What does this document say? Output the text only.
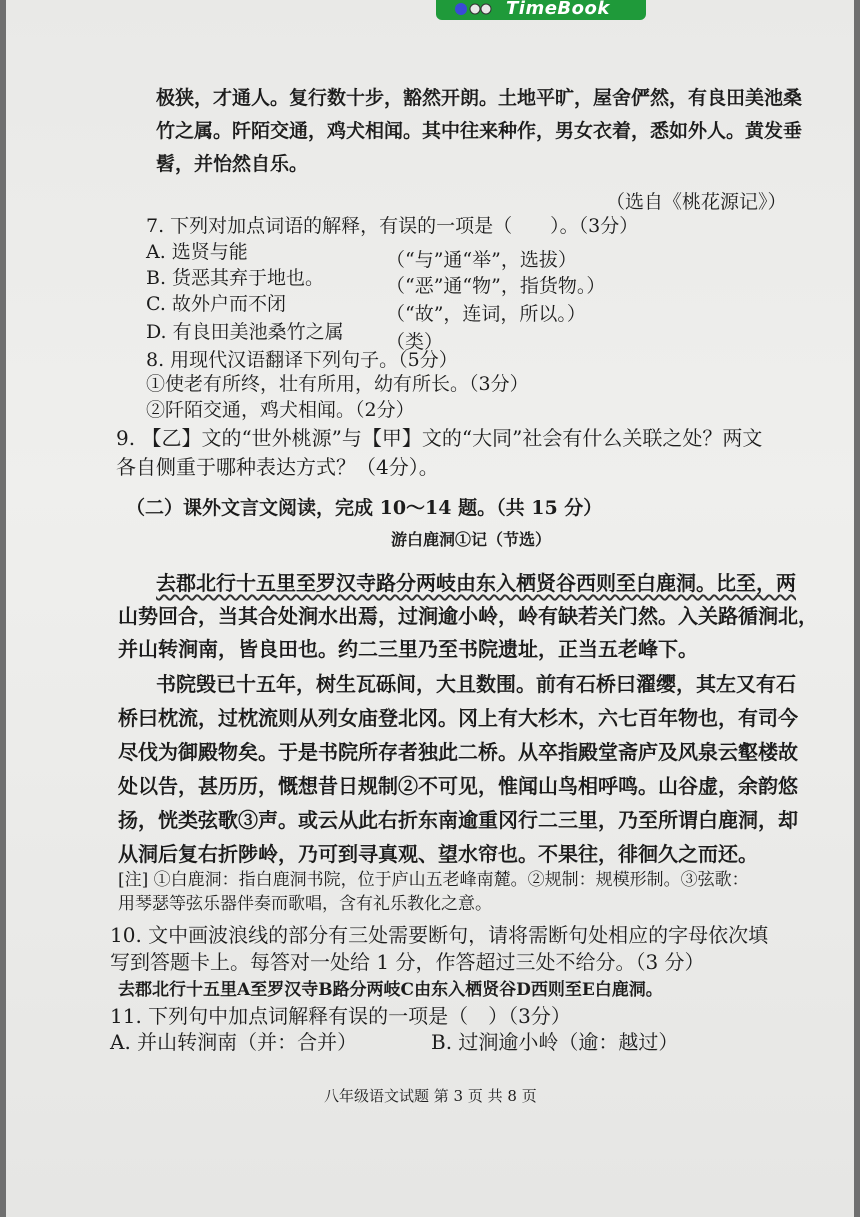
TimeBook
极狭，才通人。复行数十步，豁然开朗。土地平旷，屋舍俨然，有良田美池桑
竹之属。阡陌交通，鸡犬相闻。其中往来种作，男女衣着，悉如外人。黄发垂
髫，并怡然自乐。
（选自《桃花源记》）
7. 下列对加点词语的解释，有误的一项是（　　）。（3分）
A. 选贤与能	（“与”通“举”，选拔）
B. 货恶其弃于地也。	（“恶”通“物”，指货物。）
C. 故外户而不闭	（“故”，连词，所以。）
D. 有良田美池桑竹之属 （类）
8. 用现代汉语翻译下列句子。（5分）
①使老有所终，壮有所用，幼有所长。（3分）
②阡陌交通，鸡犬相闻。（2分）
9. 【乙】文的“世外桃源”与【甲】文的“大同”社会有什么关联之处？两文
各自侧重于哪种表达方式？（4分）。
（二）课外文言文阅读，完成 10～14 题。（共 15 分）
游白鹿洞①记（节选）
去郡北行十五里至罗汉寺路分两岐由东入栖贤谷西则至白鹿洞。比至，两
山势回合，当其合处涧水出焉，过涧逾小岭，岭有缺若关门然。入关路循涧北，
并山转涧南，皆良田也。约二三里乃至书院遗址，正当五老峰下。
书院毁已十五年，树生瓦砾间，大且数围。前有石桥曰濯缨，其左又有石
桥曰枕流，过枕流则从列女庙登北冈。冈上有大杉木，六七百年物也，有司今
尽伐为御殿物矣。于是书院所存者独此二桥。从卒指殿堂斋庐及风泉云壑楼故
处以告，甚历历，慨想昔日规制②不可见，惟闻山鸟相呼鸣。山谷虚，余韵悠
扬，恍类弦歌③声。或云从此右折东南逾重冈行二三里，乃至所谓白鹿洞，却
从洞后复右折陟岭，乃可到寻真观、望水帘也。不果往，徘徊久之而还。
[注] ①白鹿洞：指白鹿洞书院，位于庐山五老峰南麓。②规制：规模形制。③弦歌：
用琴瑟等弦乐器伴奏而歌唱，含有礼乐教化之意。
10. 文中画波浪线的部分有三处需要断句，请将需断句处相应的字母依次填
写到答题卡上。每答对一处给 1 分，作答超过三处不给分。（3 分）
去郡北行十五里A至罗汉寺B路分两岐C由东入栖贤谷D西则至E白鹿洞。
11. 下列句中加点词解释有误的一项是（　）（3分）
A. 并山转涧南（并：合并）	B. 过涧逾小岭（逾：越过）
八年级语文试题 第 3 页 共 8 页
